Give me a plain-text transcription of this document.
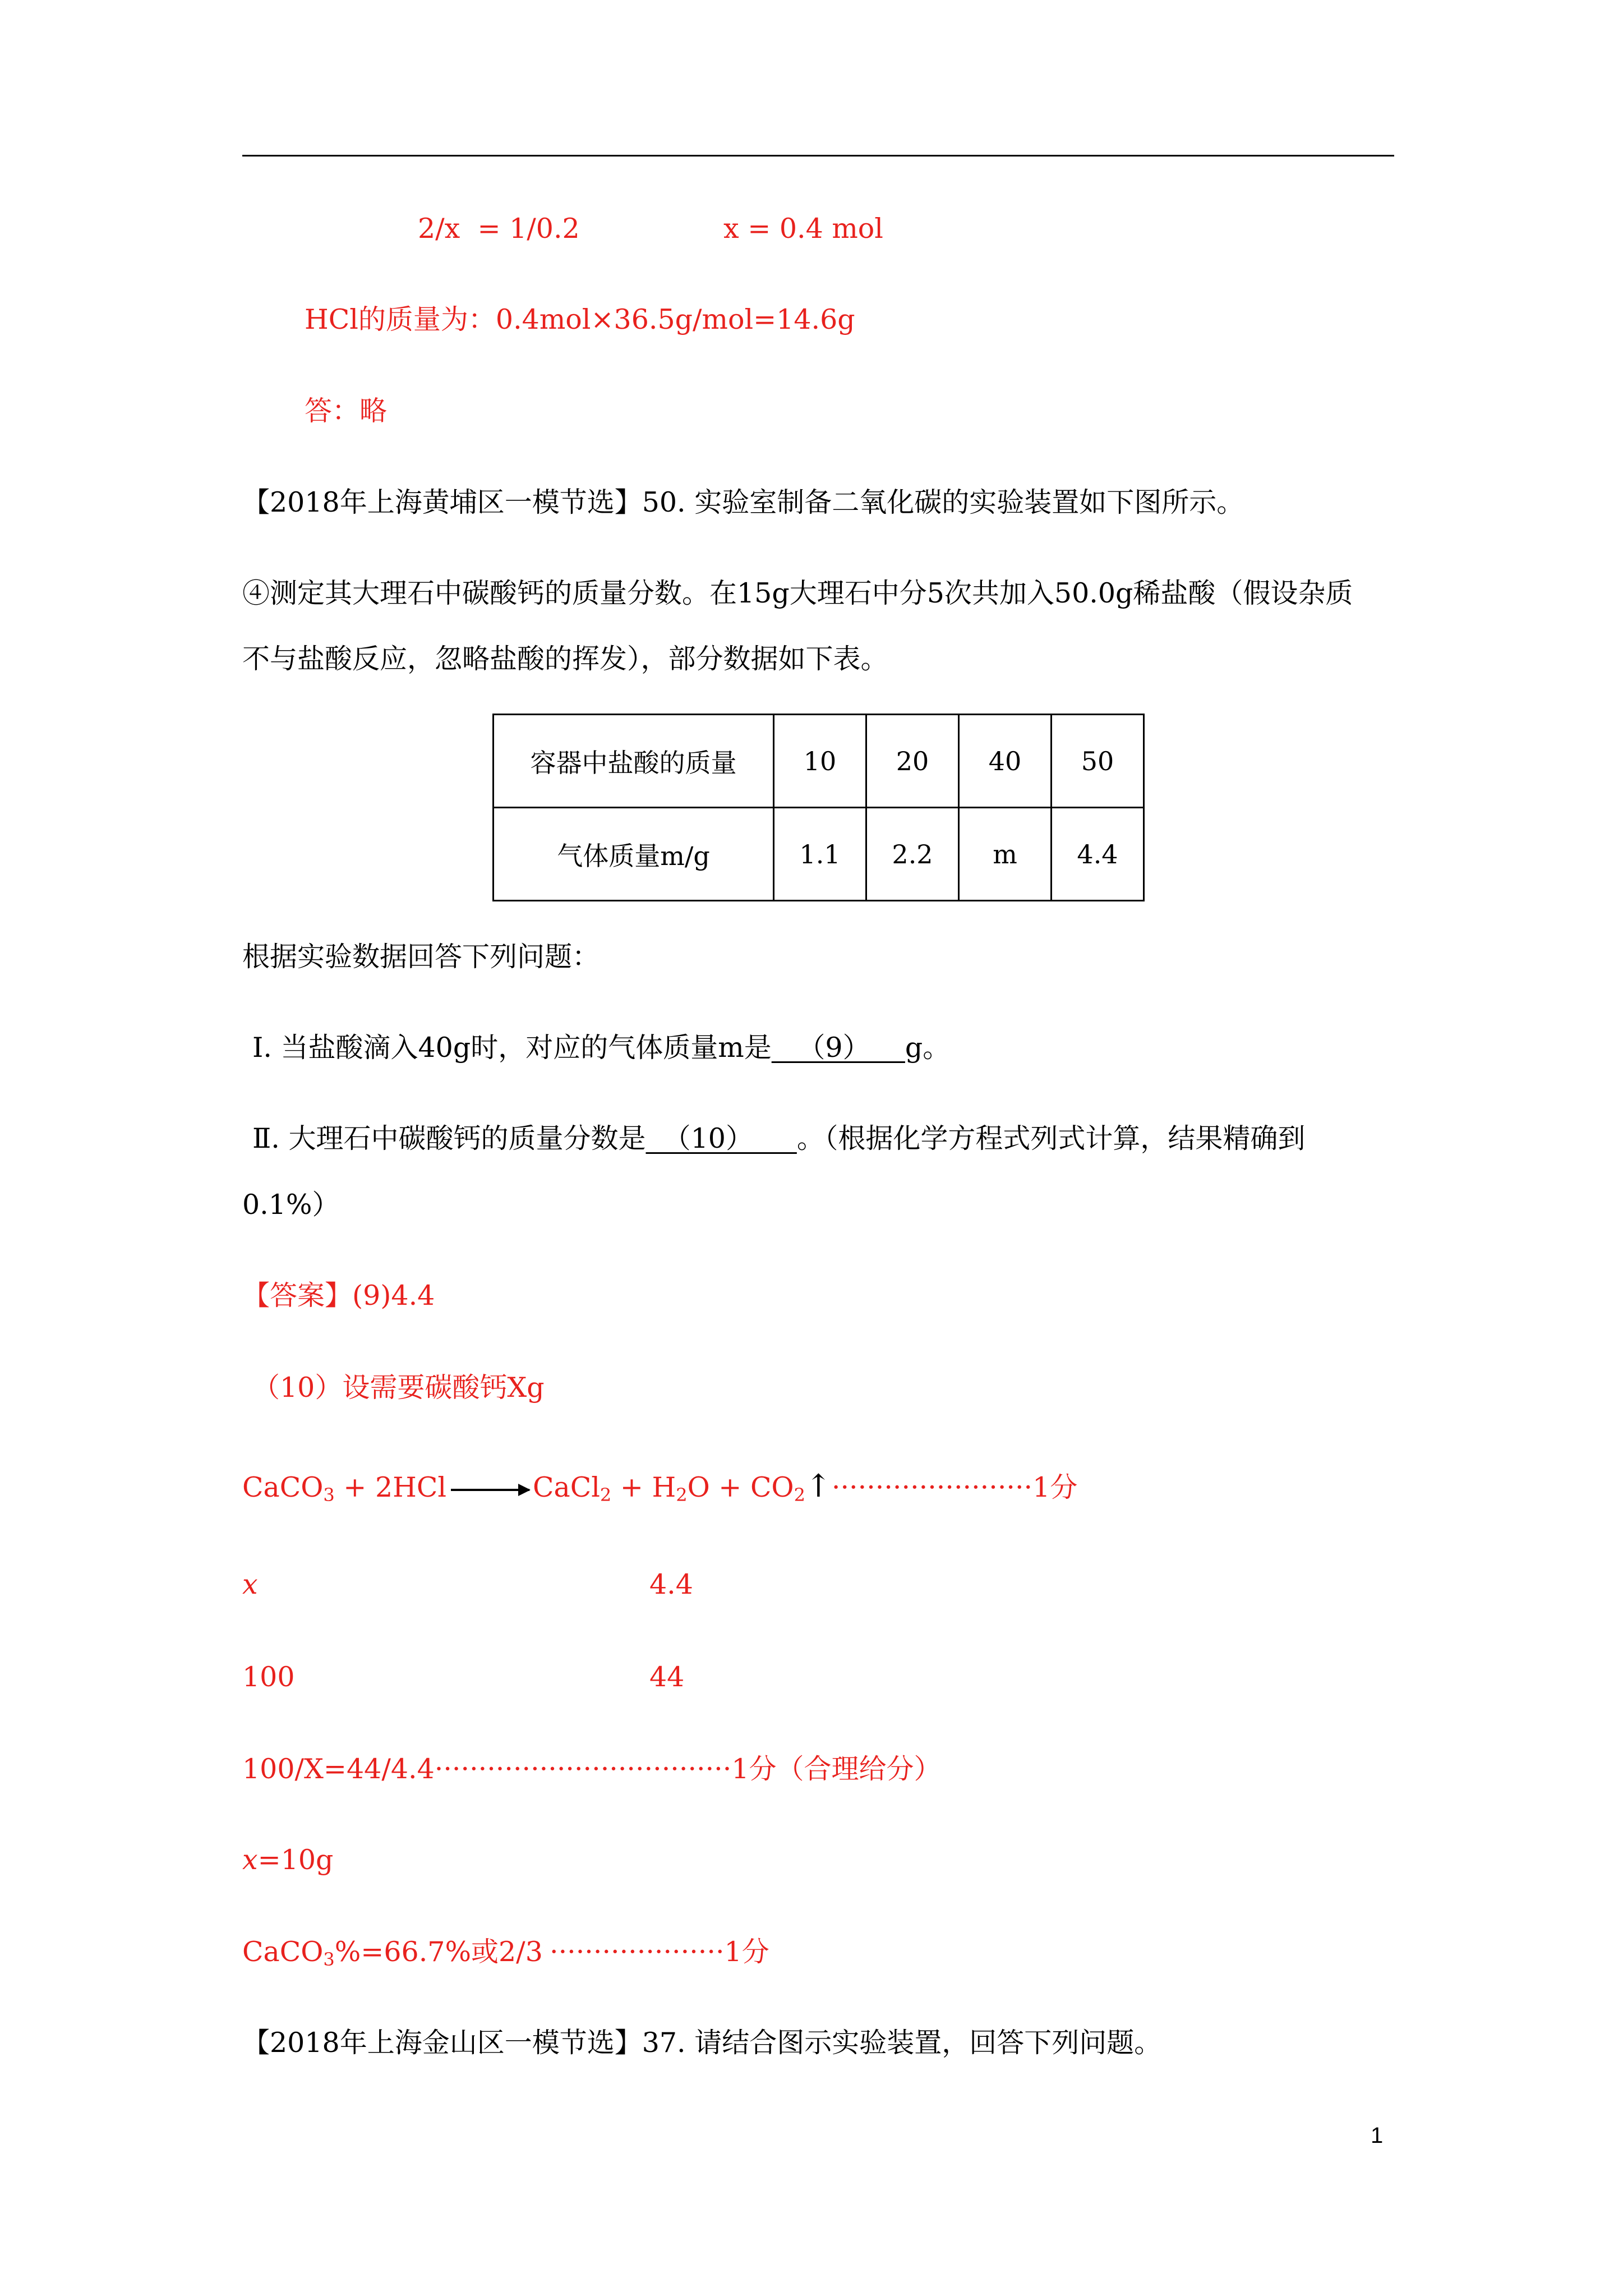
2/x  = 1/0.2	x = 0.4 mol
HCl的质量为：0.4mol×36.5g/mol=14.6g
答：略
【2018年上海黄埔区一模节选】50. 实验室制备二氧化碳的实验装置如下图所示。
④测定其大理石中碳酸钙的质量分数。在15g大理石中分5次共加入50.0g稀盐酸（假设杂质
不与盐酸反应，忽略盐酸的挥发），部分数据如下表。
容器中盐酸的质量	10	20	40	50
气体质量m/g	1.1	2.2	m	4.4
根据实验数据回答下列问题：
Ⅰ. 当盐酸滴入40g时，对应的气体质量m是   （9）    g。
Ⅱ. 大理石中碳酸钙的质量分数是  （10）     。（根据化学方程式列式计算，结果精确到
0.1%）
【答案】(9)4.4
（10）设需要碳酸钙Xg
CaCO$_3$ + 2HCl → CaCl$_2$ + $H_2O$ + $CO_2↑\cdot\cdot\cdot\cdot\cdot\cdot\cdot\cdot\cdot\cdot\cdot\cdot\cdot\cdot\cdot\cdot\cdot\cdot\cdot\cdot\cdot\cdot\cdot 1$分
x	4.4
100	44
100/X=44/4.4··································1分（合理给分）
x=10g
CaCO$_3$%=66.7%或2/3 ····················1分
【2018年上海金山区一模节选】37. 请结合图示实验装置，回答下列问题。
1
